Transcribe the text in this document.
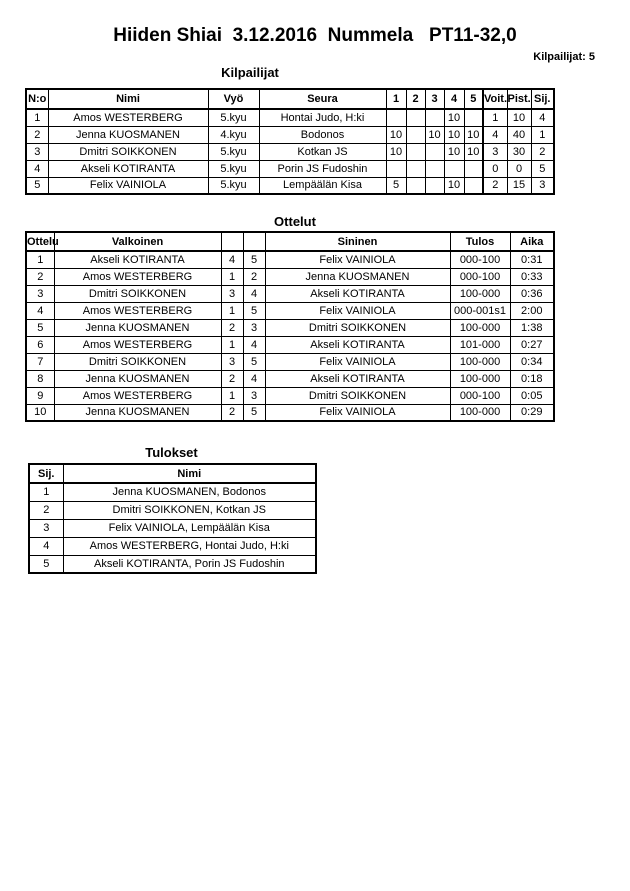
Hiiden Shiai  3.12.2016  Nummela   PT11-32,0
Kilpailijat: 5
Kilpailijat
N:o	Nimi	Vyö	Seura	1	2	3	4	5	Voit.	Pist.	Sij.
1	Amos WESTERBERG	5.kyu	Hontai Judo, H:ki				10		1	10	4
2	Jenna KUOSMANEN	4.kyu	Bodonos	10		10	10	10	4	40	1
3	Dmitri SOIKKONEN	5.kyu	Kotkan JS	10			10	10	3	30	2
4	Akseli KOTIRANTA	5.kyu	Porin JS Fudoshin						0	0	5
5	Felix VAINIOLA	5.kyu	Lempäälän Kisa	5			10		2	15	3
Ottelut
Ottelu	Valkoinen			Sininen	Tulos	Aika
1	Akseli KOTIRANTA	4	5	Felix VAINIOLA	000-100	0:31
2	Amos WESTERBERG	1	2	Jenna KUOSMANEN	000-100	0:33
3	Dmitri SOIKKONEN	3	4	Akseli KOTIRANTA	100-000	0:36
4	Amos WESTERBERG	1	5	Felix VAINIOLA	000-001s1	2:00
5	Jenna KUOSMANEN	2	3	Dmitri SOIKKONEN	100-000	1:38
6	Amos WESTERBERG	1	4	Akseli KOTIRANTA	101-000	0:27
7	Dmitri SOIKKONEN	3	5	Felix VAINIOLA	100-000	0:34
8	Jenna KUOSMANEN	2	4	Akseli KOTIRANTA	100-000	0:18
9	Amos WESTERBERG	1	3	Dmitri SOIKKONEN	000-100	0:05
10	Jenna KUOSMANEN	2	5	Felix VAINIOLA	100-000	0:29
Tulokset
Sij.	Nimi
1	Jenna KUOSMANEN, Bodonos
2	Dmitri SOIKKONEN, Kotkan JS
3	Felix VAINIOLA, Lempäälän Kisa
4	Amos WESTERBERG, Hontai Judo, H:ki
5	Akseli KOTIRANTA, Porin JS Fudoshin
